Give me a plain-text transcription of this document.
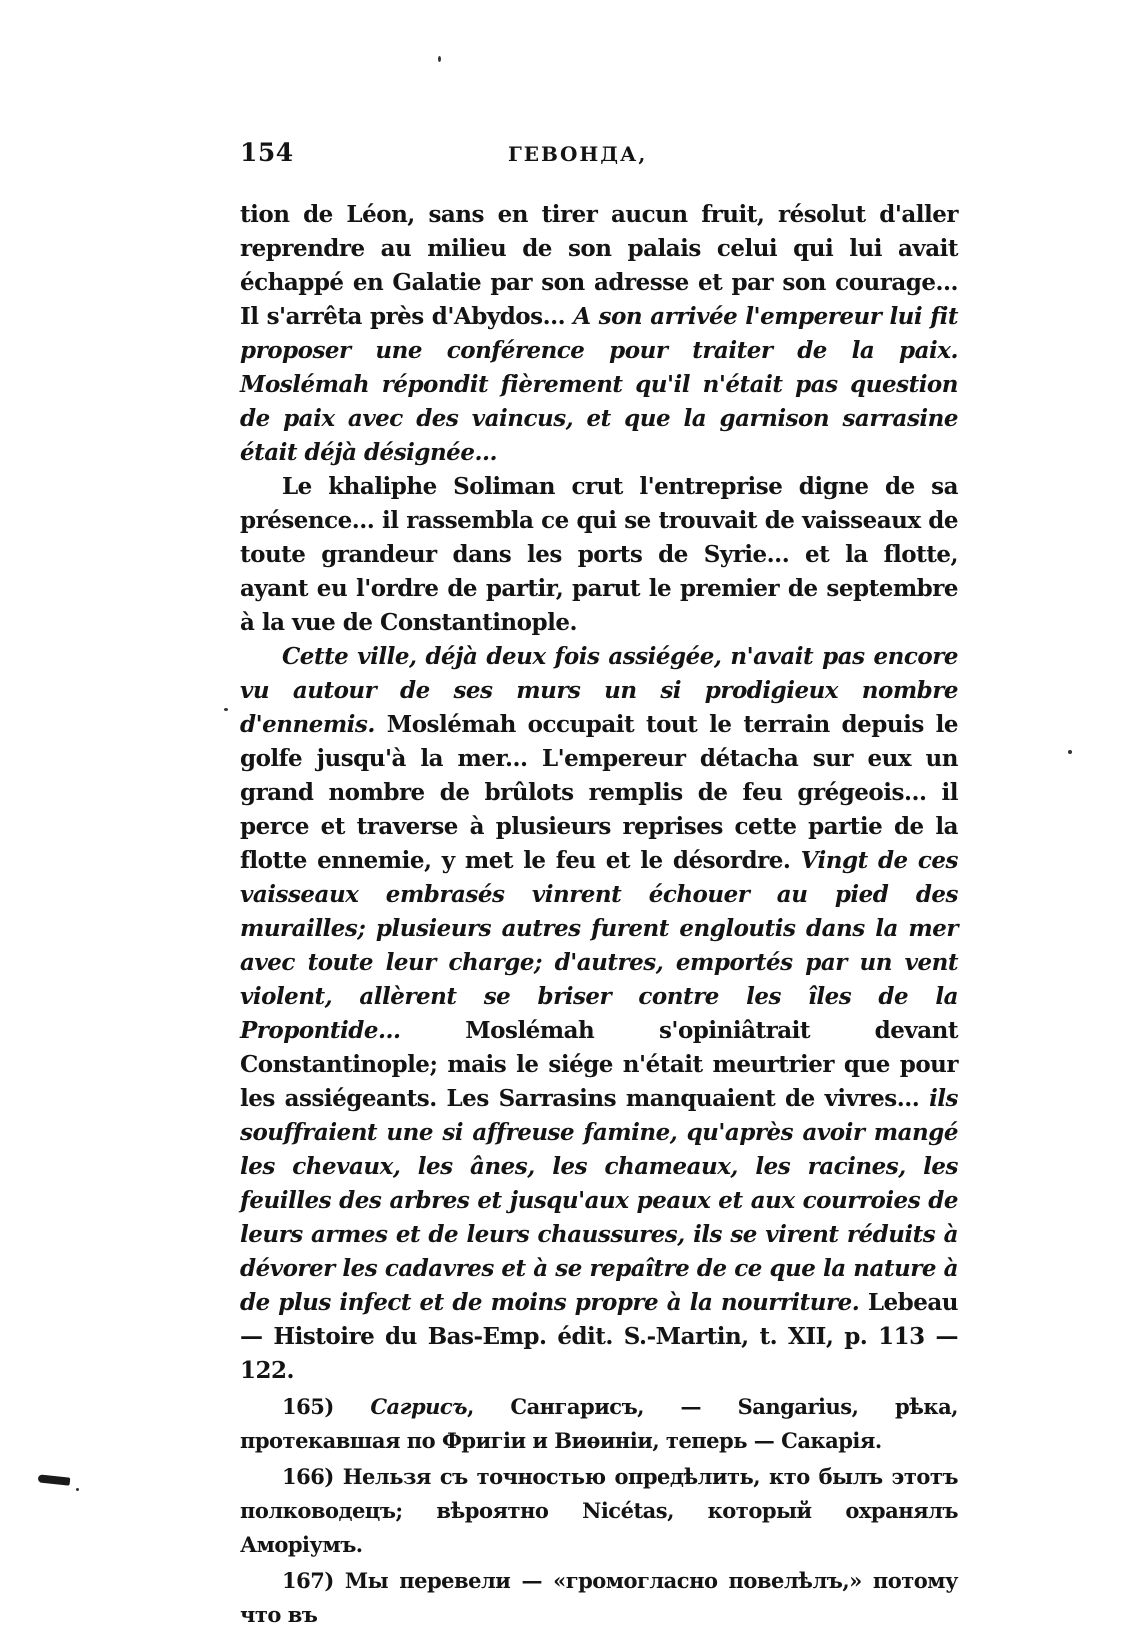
154	ГЕВОНДА,

tion de Léon, sans en tirer aucun fruit, résolut d'aller reprendre au milieu de son palais celui qui lui avait échappé en Galatie par son adresse et par son courage... Il s'arrêta près d'Abydos... A son arrivée l'empereur lui fit proposer une conférence pour traiter de la paix. Moslémah répondit fièrement qu'il n'était pas question de paix avec des vaincus, et que la garnison sarrasine était déjà désignée...

Le khaliphe Soliman crut l'entreprise digne de sa présence... il rassembla ce qui se trouvait de vaisseaux de toute grandeur dans les ports de Syrie... et la flotte, ayant eu l'ordre de partir, parut le premier de septembre à la vue de Constantinople.

Cette ville, déjà deux fois assiégée, n'avait pas encore vu autour de ses murs un si prodigieux nombre d'ennemis. Moslémah occupait tout le terrain depuis le golfe jusqu'à la mer... L'empereur détacha sur eux un grand nombre de brûlots remplis de feu grégeois... il perce et traverse à plusieurs reprises cette partie de la flotte ennemie, y met le feu et le désordre. Vingt de ces vaisseaux embrasés vinrent échouer au pied des murailles; plusieurs autres furent engloutis dans la mer avec toute leur charge; d'autres, emportés par un vent violent, allèrent se briser contre les îles de la Propontide... Moslémah s'opiniâtrait devant Constantinople; mais le siége n'était meurtrier que pour les assiégeants. Les Sarrasins manquaient de vivres... ils souffraient une si affreuse famine, qu'après avoir mangé les chevaux, les ânes, les chameaux, les racines, les feuilles des arbres et jusqu'aux peaux et aux courroies de leurs armes et de leurs chaussures, ils se virent réduits à dévorer les cadavres et à se repaître de ce que la nature à de plus infect et de moins propre à la nourriture. Lebeau — Histoire du Bas-Emp. édit. S.-Martin, t. XII, p. 113 — 122.

165) Сагрисъ, Сангарисъ, — Sangarius, рѣка, протекавшая по Фригіи и Виѳиніи, теперь — Сакарія.

166) Нельзя съ точностью опредѣлить, кто былъ этотъ полководецъ; вѣроятно Nicétas, который охранялъ Аморіумъ.

167) Мы перевели — «громогласно повелѣлъ,» потому что въ
